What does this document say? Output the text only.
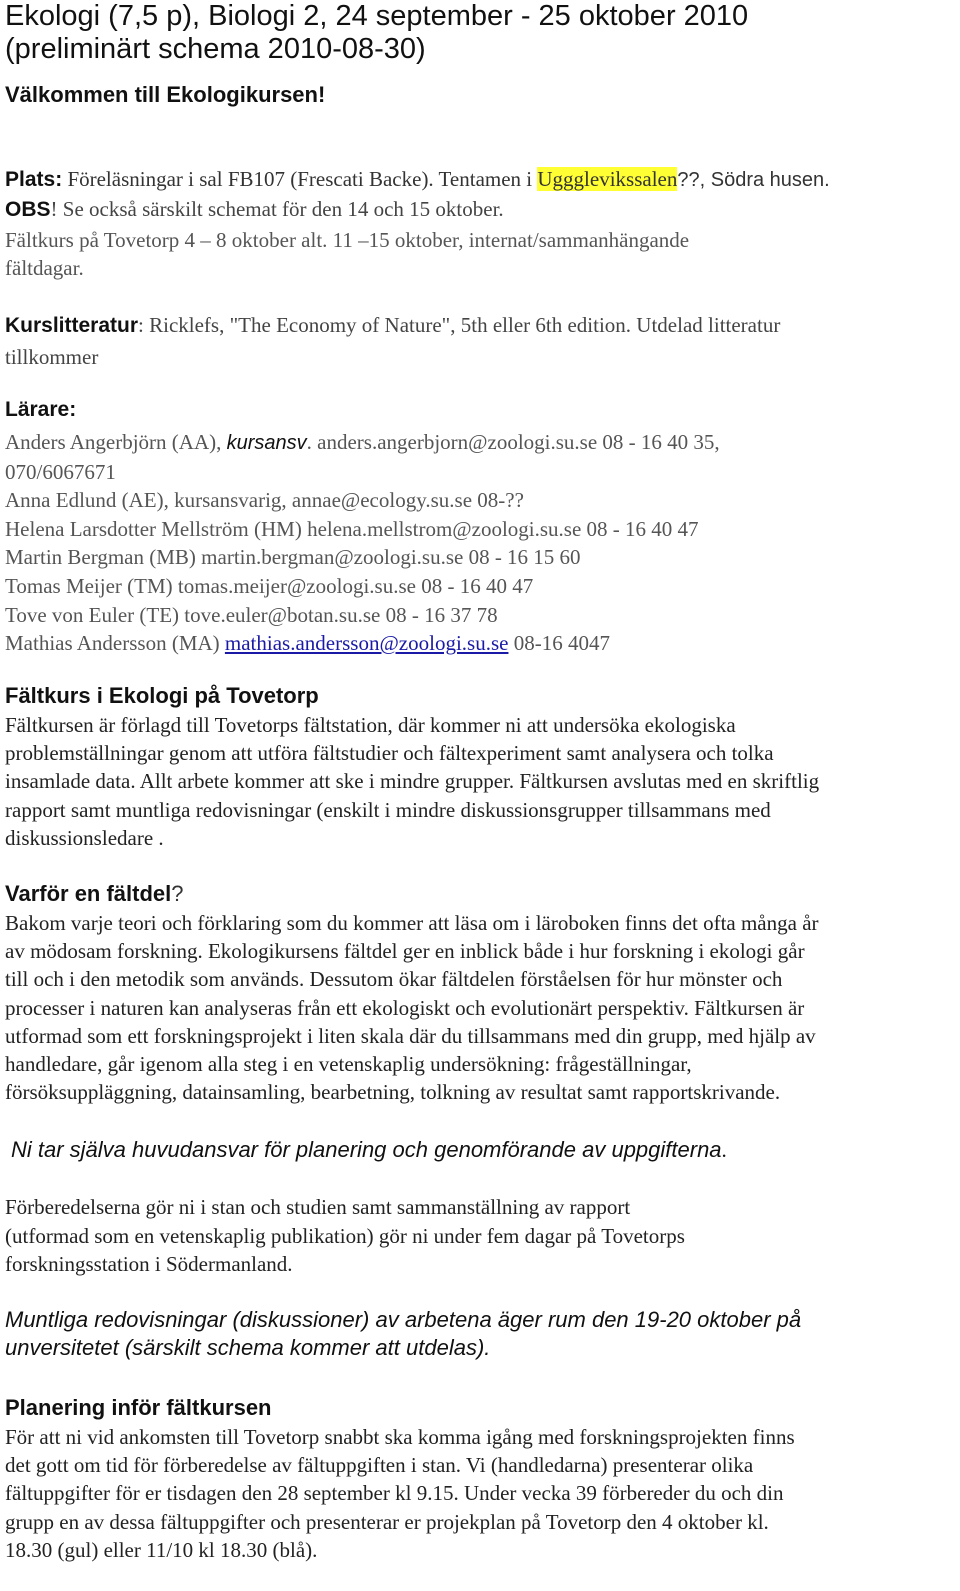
Ekologi (7,5 p), Biologi 2, 24 september - 25 oktober 2010
(preliminärt schema 2010-08-30)
Välkommen till Ekologikursen!
Plats: Föreläsningar i sal FB107 (Frescati Backe). Tentamen i Uggglevikssalen??, Södra husen.
OBS! Se också särskilt schemat för den 14 och 15 oktober.
Fältkurs på Tovetorp 4 – 8 oktober alt. 11 –15 oktober, internat/sammanhängande
fältdagar.
Kurslitteratur: Ricklefs, "The Economy of Nature", 5th eller 6th edition. Utdelad litteratur
tillkommer
Lärare:
Anders Angerbjörn (AA), kursansv. anders.angerbjorn@zoologi.su.se 08 - 16 40 35,
070/6067671
Anna Edlund (AE), kursansvarig, annae@ecology.su.se 08-??
Helena Larsdotter Mellström (HM) helena.mellstrom@zoologi.su.se 08 - 16 40 47
Martin Bergman (MB) martin.bergman@zoologi.su.se 08 - 16 15 60
Tomas Meijer (TM) tomas.meijer@zoologi.su.se 08 - 16 40 47
Tove von Euler (TE) tove.euler@botan.su.se 08 - 16 37 78
Mathias Andersson (MA) mathias.andersson@zoologi.su.se 08-16 4047
Fältkurs i Ekologi på Tovetorp
Fältkursen är förlagd till Tovetorps fältstation, där kommer ni att undersöka ekologiska
problemställningar genom att utföra fältstudier och fältexperiment samt analysera och tolka
insamlade data. Allt arbete kommer att ske i mindre grupper. Fältkursen avslutas med en skriftlig
rapport samt muntliga redovisningar (enskilt i mindre diskussionsgrupper tillsammans med
diskussionsledare .
Varför en fältdel?
Bakom varje teori och förklaring som du kommer att läsa om i läroboken finns det ofta många år
av mödosam forskning. Ekologikursens fältdel ger en inblick både i hur forskning i ekologi går
till och i den metodik som används. Dessutom ökar fältdelen förståelsen för hur mönster och
processer i naturen kan analyseras från ett ekologiskt och evolutionärt perspektiv. Fältkursen är
utformad som ett forskningsprojekt i liten skala där du tillsammans med din grupp, med hjälp av
handledare, går igenom alla steg i en vetenskaplig undersökning: frågeställningar,
försöksuppläggning, datainsamling, bearbetning, tolkning av resultat samt rapportskrivande.
Ni tar själva huvudansvar för planering och genomförande av uppgifterna.
Förberedelserna gör ni i stan och studien samt sammanställning av rapport
(utformad som en vetenskaplig publikation) gör ni under fem dagar på Tovetorps
forskningsstation i Södermanland.
Muntliga redovisningar (diskussioner) av arbetena äger rum den 19-20 oktober på
unversitetet (särskilt schema kommer att utdelas).
Planering inför fältkursen
För att ni vid ankomsten till Tovetorp snabbt ska komma igång med forskningsprojekten finns
det gott om tid för förberedelse av fältuppgiften i stan. Vi (handledarna) presenterar olika
fältuppgifter för er tisdagen den 28 september kl 9.15. Under vecka 39 förbereder du och din
grupp en av dessa fältuppgifter och presenterar er projekplan på Tovetorp den 4 oktober kl.
18.30 (gul) eller 11/10 kl 18.30 (blå).
